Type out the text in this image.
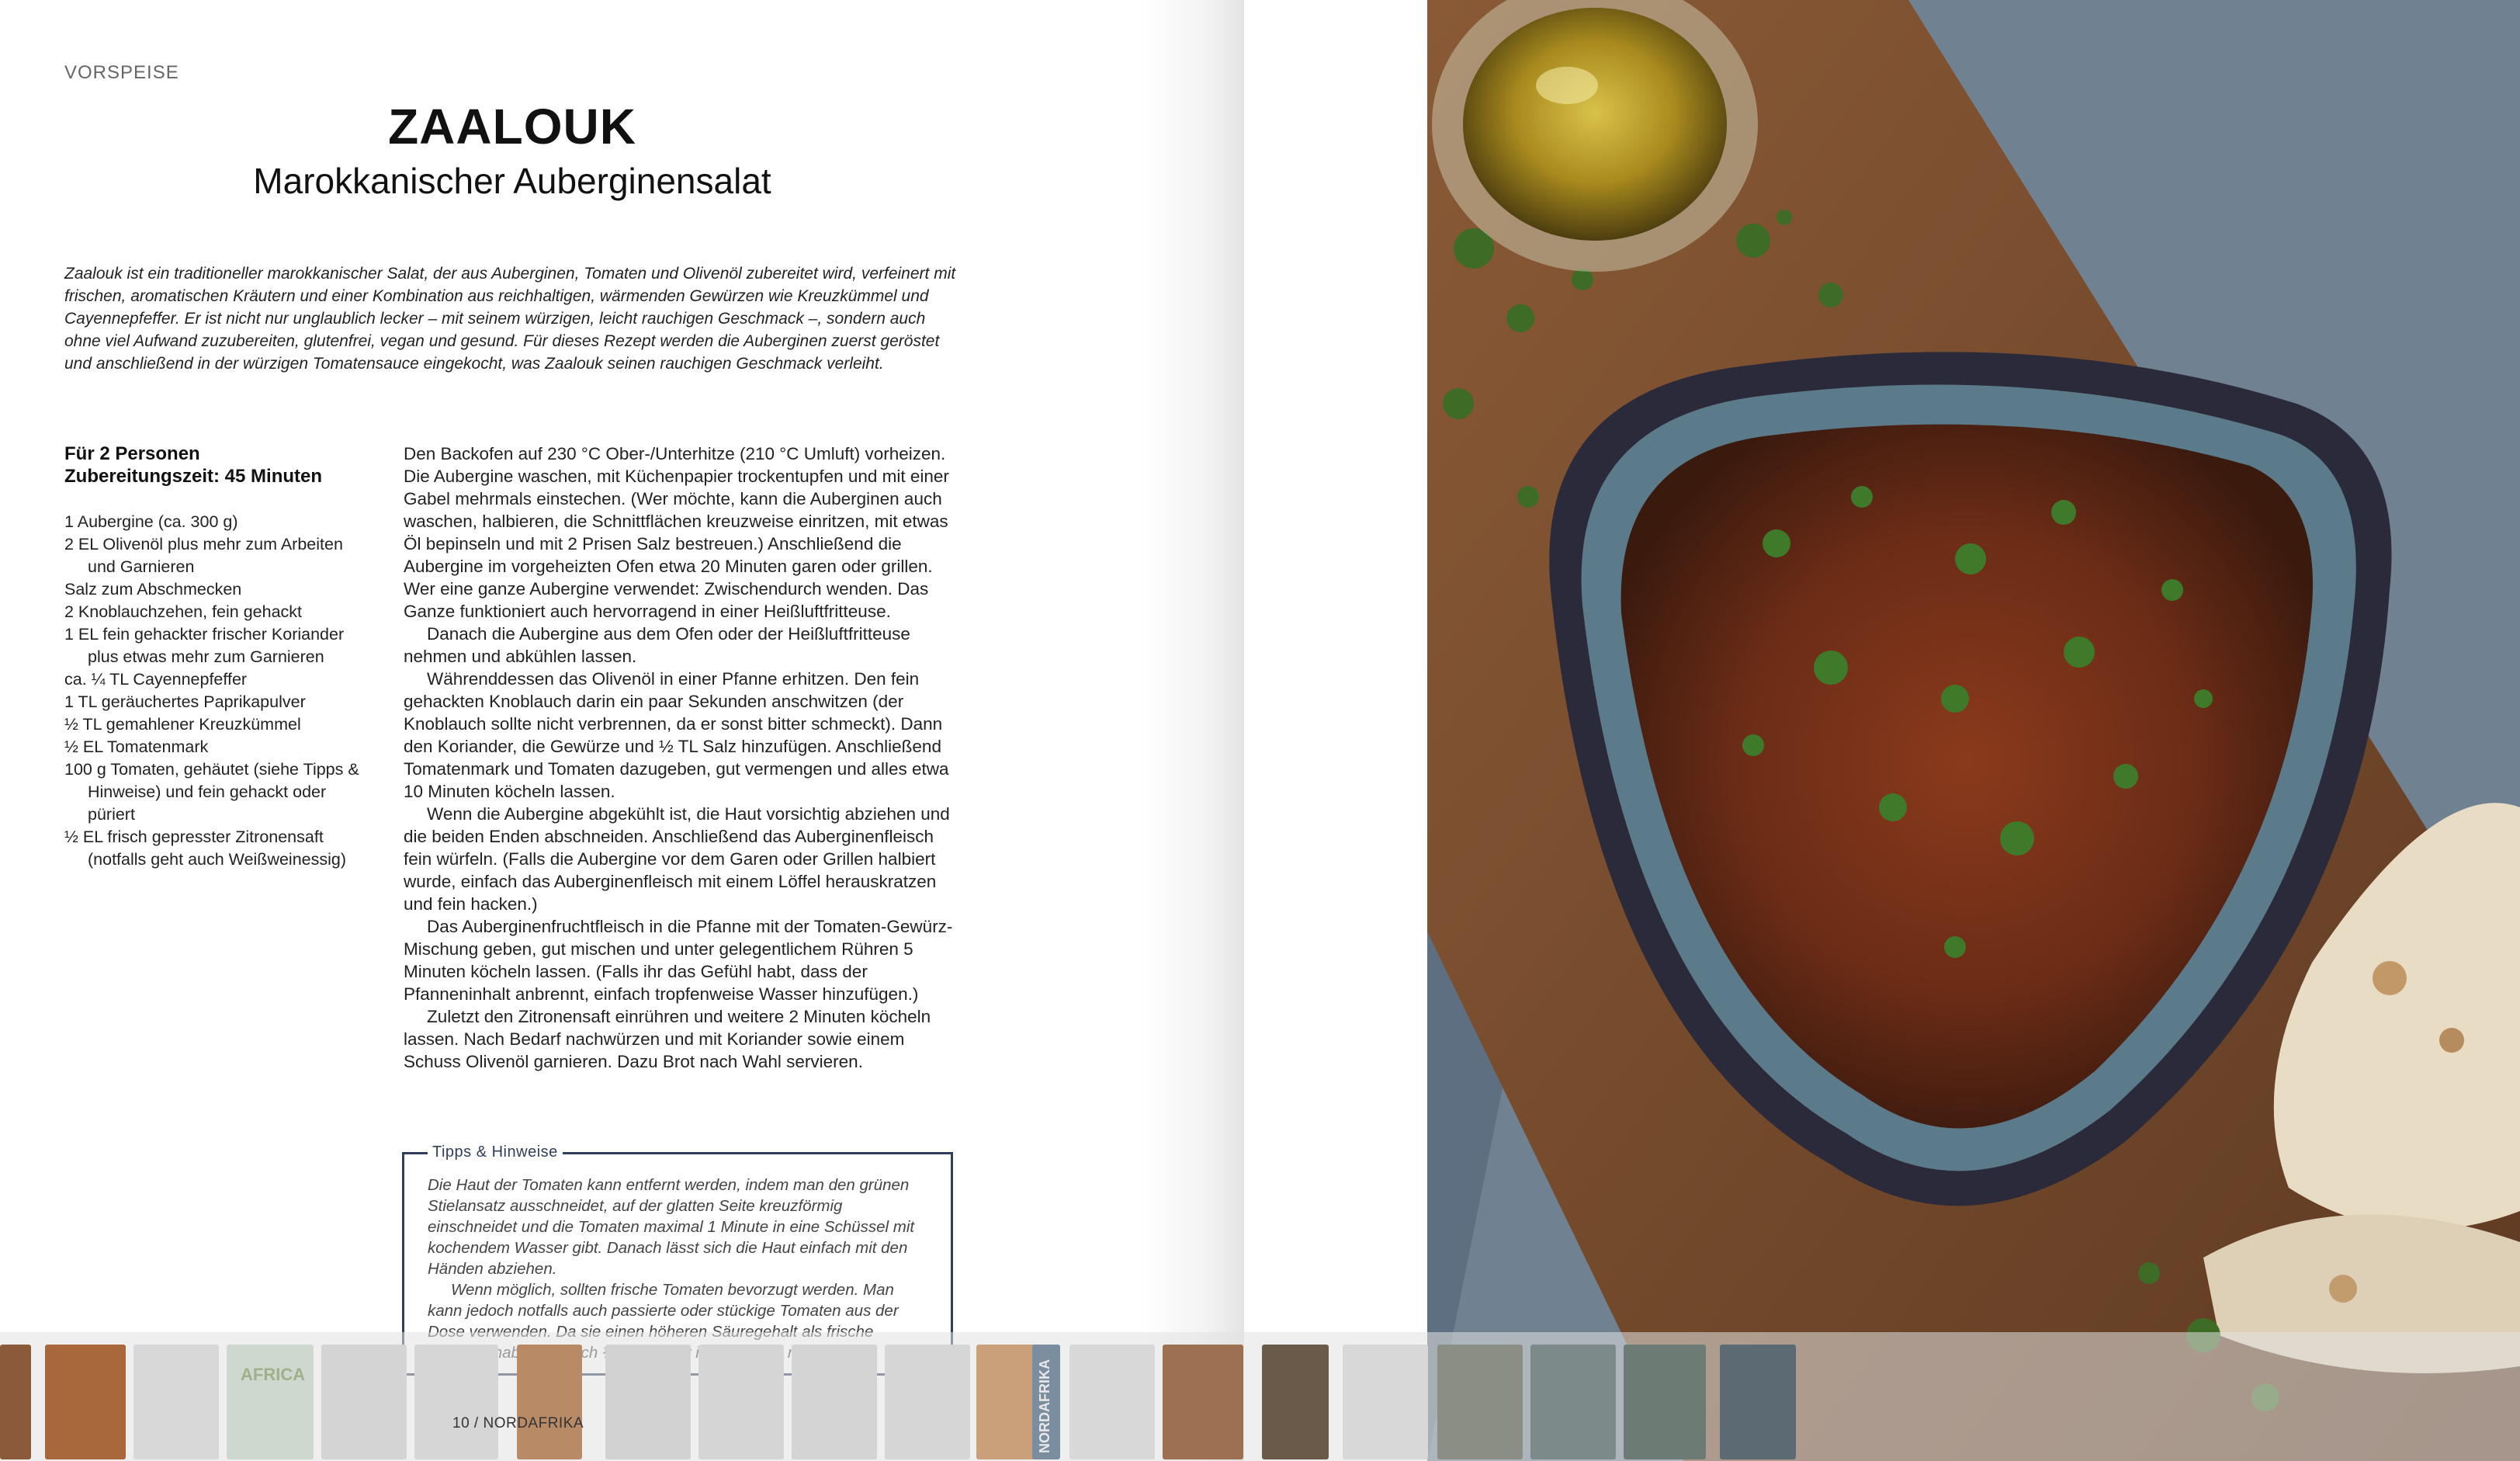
VORSPEISE
ZAALOUK
Marokkanischer Auberginensalat
Zaalouk ist ein traditioneller marokkanischer Salat, der aus Auberginen, Tomaten und Olivenöl zubereitet wird, verfeinert mit frischen, aromatischen Kräutern und einer Kombination aus reichhaltigen, wärmenden Gewürzen wie Kreuzkümmel und Cayennepfeffer. Er ist nicht nur unglaublich lecker – mit seinem würzigen, leicht rauchigen Geschmack –, sondern auch ohne viel Aufwand zuzubereiten, glutenfrei, vegan und gesund. Für dieses Rezept werden die Auberginen zuerst geröstet und anschließend in der würzigen Tomatensauce eingekocht, was Zaalouk seinen rauchigen Geschmack verleiht.
Für 2 Personen
Zubereitungszeit: 45 Minuten
1 Aubergine (ca. 300 g)
2 EL Olivenöl plus mehr zum Arbeiten und Garnieren
Salz zum Abschmecken
2 Knoblauchzehen, fein gehackt
1 EL fein gehackter frischer Koriander plus etwas mehr zum Garnieren
ca. ¼ TL Cayennepfeffer
1 TL geräuchertes Paprikapulver
½ TL gemahlener Kreuzkümmel
½ EL Tomatenmark
100 g Tomaten, gehäutet (siehe Tipps & Hinweise) und fein gehackt oder püriert
½ EL frisch gepresster Zitronensaft (notfalls geht auch Weißweinessig)

Den Backofen auf 230 °C Ober-/Unterhitze (210 °C Umluft) vorheizen. Die Aubergine waschen, mit Küchenpapier trockentupfen und mit einer Gabel mehrmals einstechen. (Wer möchte, kann die Auberginen auch waschen, halbieren, die Schnittflächen kreuzweise einritzen, mit etwas Öl bepinseln und mit 2 Prisen Salz bestreuen.) Anschließend die Aubergine im vorgeheizten Ofen etwa 20 Minuten garen oder grillen. Wer eine ganze Aubergine verwendet: Zwischendurch wenden. Das Ganze funktioniert auch hervorragend in einer Heißluftfritteuse.

Danach die Aubergine aus dem Ofen oder der Heißluftfritteuse nehmen und abkühlen lassen.

Währenddessen das Olivenöl in einer Pfanne erhitzen. Den fein gehackten Knoblauch darin ein paar Sekunden anschwitzen (der Knoblauch sollte nicht verbrennen, da er sonst bitter schmeckt). Dann den Koriander, die Gewürze und ½ TL Salz hinzufügen. Anschließend Tomatenmark und Tomaten dazugeben, gut vermengen und alles etwa 10 Minuten köcheln lassen.

Wenn die Aubergine abgekühlt ist, die Haut vorsichtig abziehen und die beiden Enden abschneiden. Anschließend das Auberginenfleisch fein würfeln. (Falls die Aubergine vor dem Garen oder Grillen halbiert wurde, einfach das Auberginenfleisch mit einem Löffel herauskratzen und fein hacken.)

Das Auberginenfruchtfleisch in die Pfanne mit der Tomaten-Gewürz-Mischung geben, gut mischen und unter gelegentlichem Rühren 5 Minuten köcheln lassen. (Falls ihr das Gefühl habt, dass der Pfanneninhalt anbrennt, einfach tropfenweise Wasser hinzufügen.)

Zuletzt den Zitronensaft einrühren und weitere 2 Minuten köcheln lassen. Nach Bedarf nachwürzen und mit Koriander sowie einem Schuss Olivenöl garnieren. Dazu Brot nach Wahl servieren.

Tipps & Hinweise

Die Haut der Tomaten kann entfernt werden, indem man den grünen Stielansatz ausschneidet, auf der glatten Seite kreuzförmig einschneidet und die Tomaten maximal 1 Minute in eine Schüssel mit kochendem Wasser gibt. Danach lässt sich die Haut einfach mit den Händen abziehen.

Wenn möglich, sollten frische Tomaten bevorzugt werden. Man kann jedoch notfalls auch passierte oder stückige Tomaten aus der

AFRICA	NORDAFRIKA
10 / NORDAFRIKA
